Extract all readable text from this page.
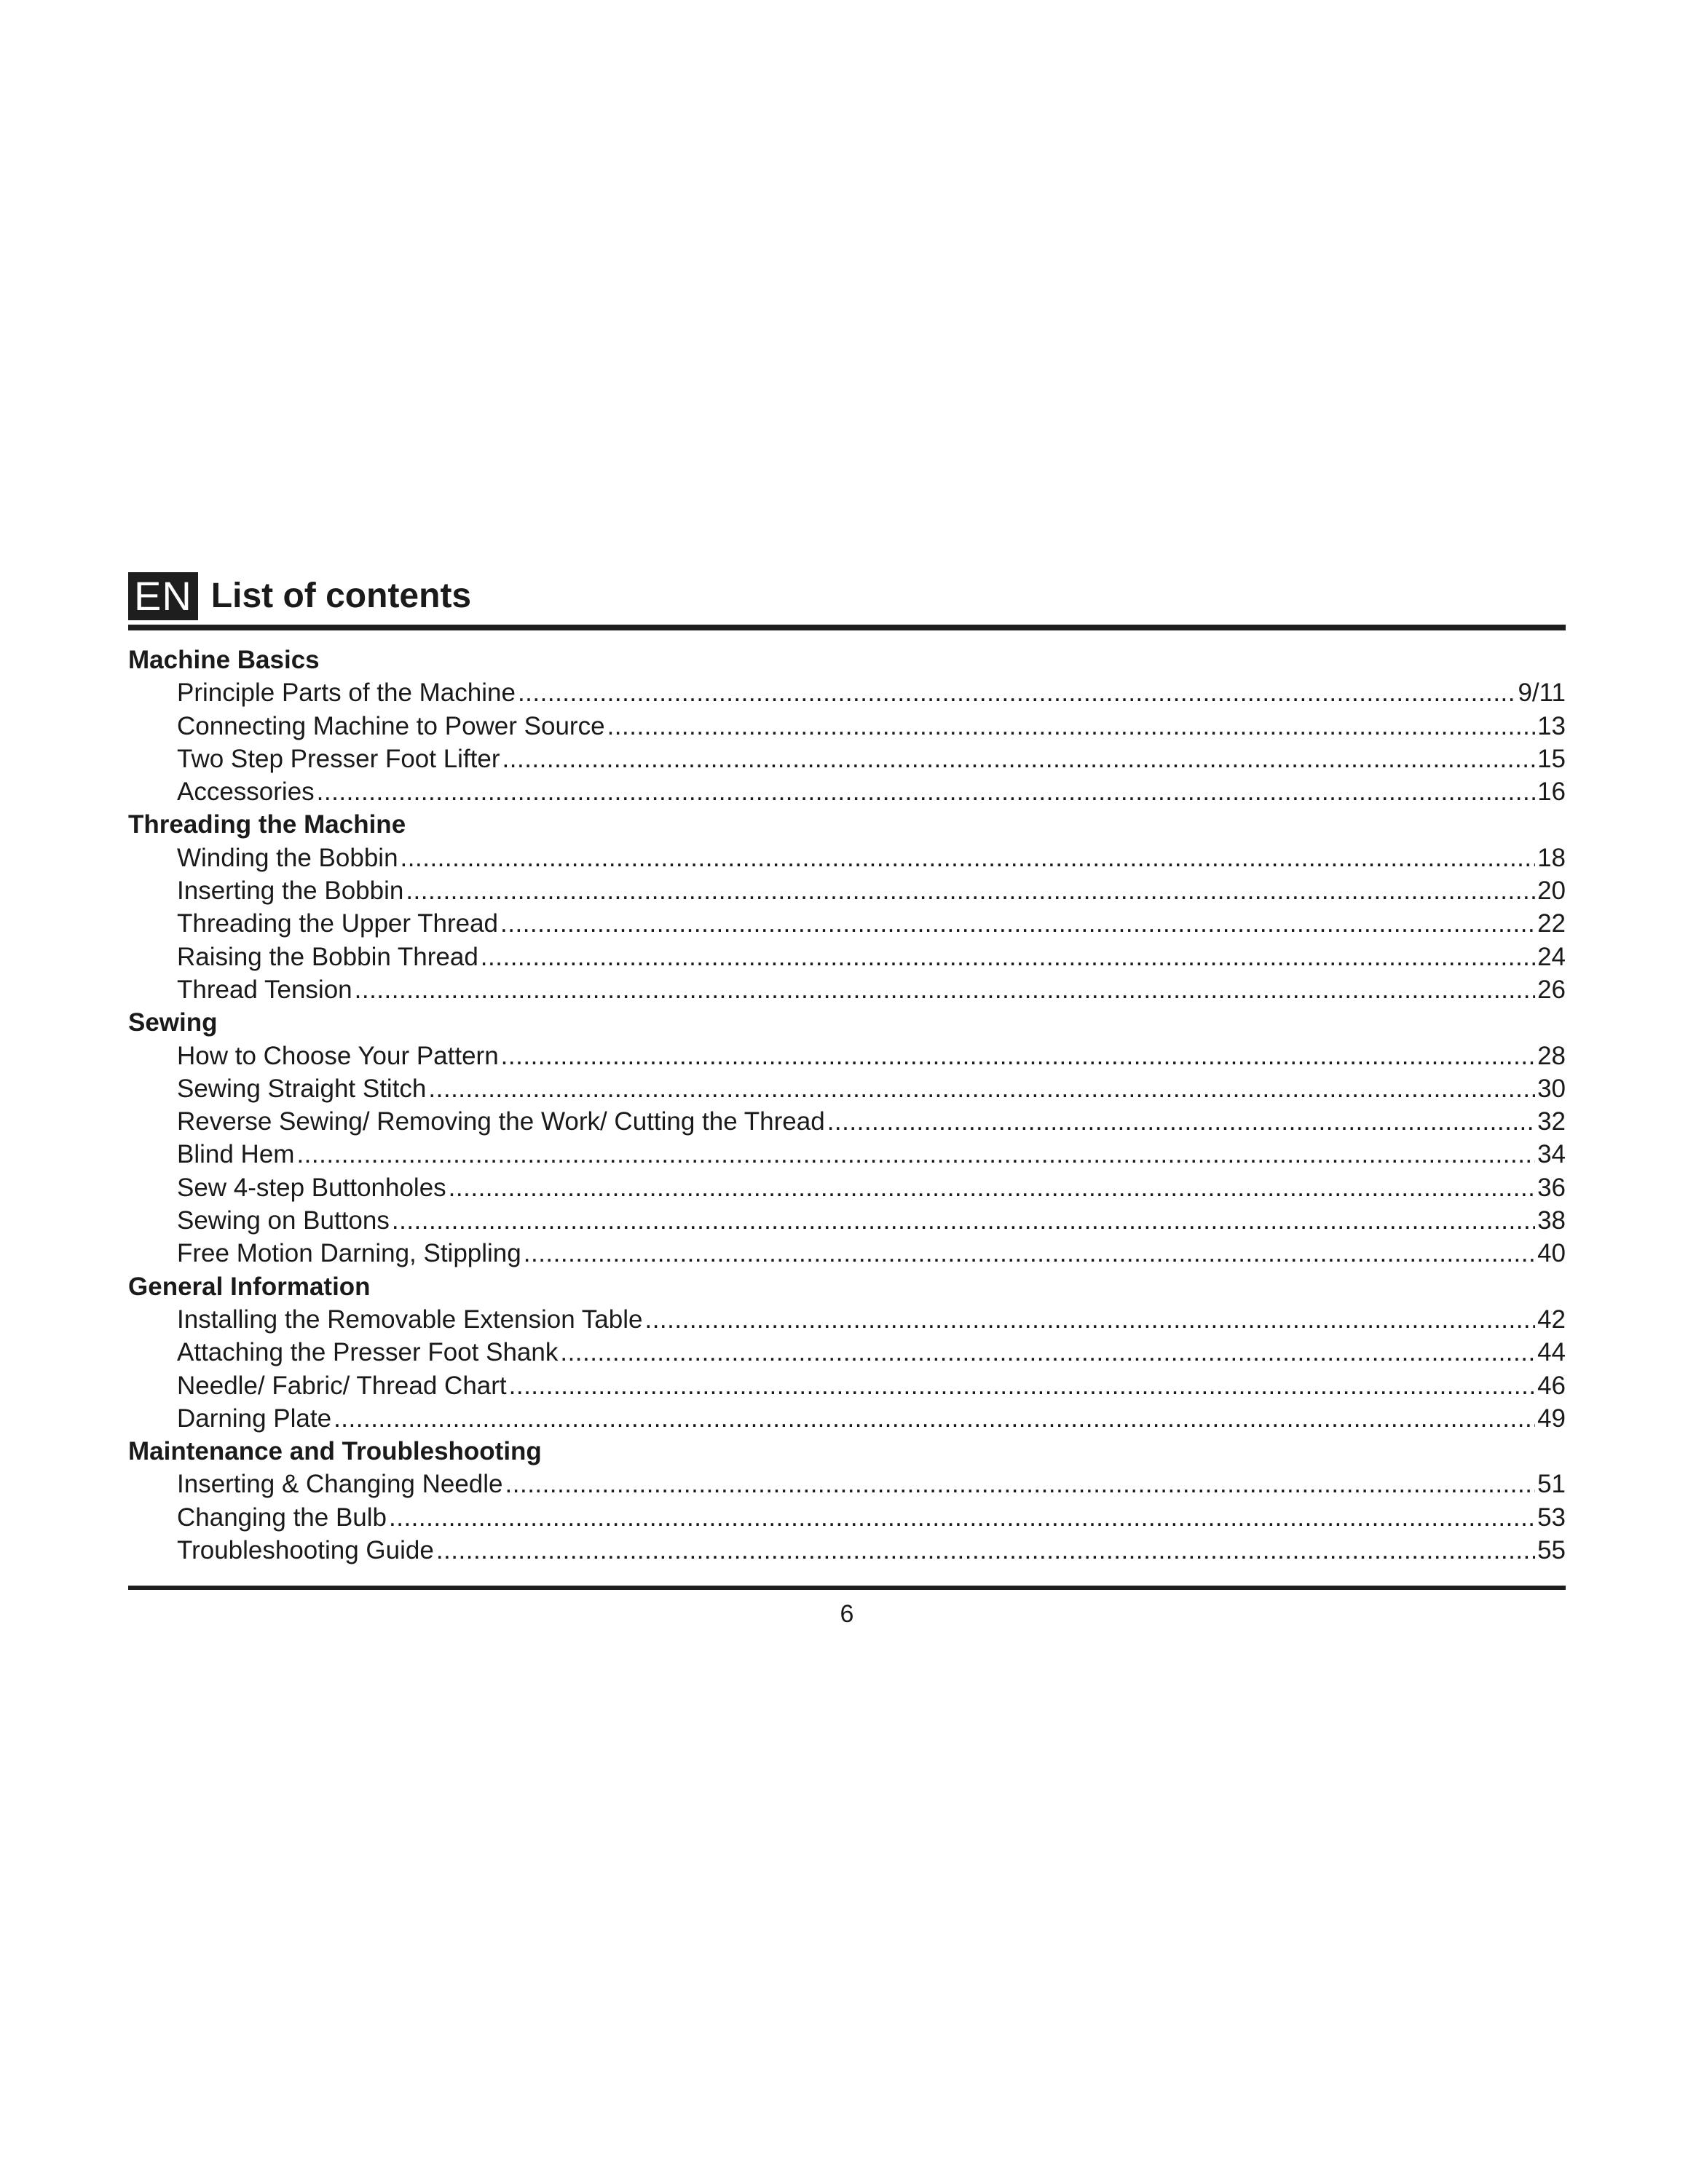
EN List of contents
Machine Basics
Principle Parts of the Machine .....	9/11
Connecting Machine to Power Source .....	13
Two Step Presser Foot Lifter .....	15
Accessories .....	16
Threading the Machine
Winding the Bobbin .....	18
Inserting the Bobbin .....	20
Threading the Upper Thread .....	22
Raising the Bobbin Thread .....	24
Thread Tension .....	26
Sewing
How to Choose Your Pattern .....	28
Sewing Straight Stitch .....	30
Reverse Sewing/ Removing the Work/ Cutting the Thread .....	32
Blind Hem .....	34
Sew 4-step Buttonholes .....	36
Sewing on Buttons .....	38
Free Motion Darning, Stippling .....	40
General Information
Installing the Removable Extension Table .....	42
Attaching the Presser Foot Shank .....	44
Needle/ Fabric/ Thread Chart .....	46
Darning Plate .....	49
Maintenance and Troubleshooting
Inserting & Changing Needle .....	51
Changing the Bulb .....	53
Troubleshooting Guide .....	55
6
